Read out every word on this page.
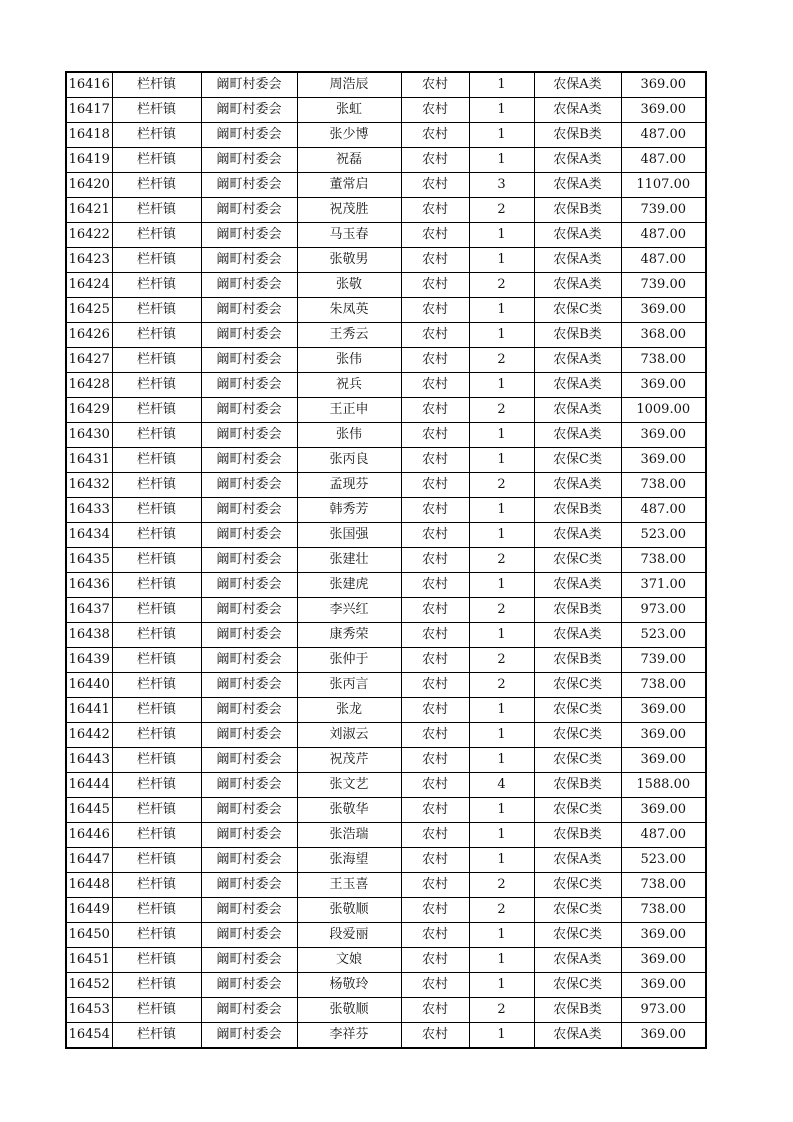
16416	栏杆镇	阚町村委会	周浩辰	农村	1	农保A类	369.00
16417	栏杆镇	阚町村委会	张虹	农村	1	农保A类	369.00
16418	栏杆镇	阚町村委会	张少博	农村	1	农保B类	487.00
16419	栏杆镇	阚町村委会	祝磊	农村	1	农保A类	487.00
16420	栏杆镇	阚町村委会	董常启	农村	3	农保A类	1107.00
16421	栏杆镇	阚町村委会	祝茂胜	农村	2	农保B类	739.00
16422	栏杆镇	阚町村委会	马玉春	农村	1	农保A类	487.00
16423	栏杆镇	阚町村委会	张敬男	农村	1	农保A类	487.00
16424	栏杆镇	阚町村委会	张敬	农村	2	农保A类	739.00
16425	栏杆镇	阚町村委会	朱凤英	农村	1	农保C类	369.00
16426	栏杆镇	阚町村委会	王秀云	农村	1	农保B类	368.00
16427	栏杆镇	阚町村委会	张伟	农村	2	农保A类	738.00
16428	栏杆镇	阚町村委会	祝兵	农村	1	农保A类	369.00
16429	栏杆镇	阚町村委会	王正申	农村	2	农保A类	1009.00
16430	栏杆镇	阚町村委会	张伟	农村	1	农保A类	369.00
16431	栏杆镇	阚町村委会	张丙良	农村	1	农保C类	369.00
16432	栏杆镇	阚町村委会	孟现芬	农村	2	农保A类	738.00
16433	栏杆镇	阚町村委会	韩秀芳	农村	1	农保B类	487.00
16434	栏杆镇	阚町村委会	张国强	农村	1	农保A类	523.00
16435	栏杆镇	阚町村委会	张建壮	农村	2	农保C类	738.00
16436	栏杆镇	阚町村委会	张建虎	农村	1	农保A类	371.00
16437	栏杆镇	阚町村委会	李兴红	农村	2	农保B类	973.00
16438	栏杆镇	阚町村委会	康秀荣	农村	1	农保A类	523.00
16439	栏杆镇	阚町村委会	张仲于	农村	2	农保B类	739.00
16440	栏杆镇	阚町村委会	张丙言	农村	2	农保C类	738.00
16441	栏杆镇	阚町村委会	张龙	农村	1	农保C类	369.00
16442	栏杆镇	阚町村委会	刘淑云	农村	1	农保C类	369.00
16443	栏杆镇	阚町村委会	祝茂芹	农村	1	农保C类	369.00
16444	栏杆镇	阚町村委会	张文艺	农村	4	农保B类	1588.00
16445	栏杆镇	阚町村委会	张敬华	农村	1	农保C类	369.00
16446	栏杆镇	阚町村委会	张浩瑞	农村	1	农保B类	487.00
16447	栏杆镇	阚町村委会	张海望	农村	1	农保A类	523.00
16448	栏杆镇	阚町村委会	王玉喜	农村	2	农保C类	738.00
16449	栏杆镇	阚町村委会	张敬顺	农村	2	农保C类	738.00
16450	栏杆镇	阚町村委会	段爱丽	农村	1	农保C类	369.00
16451	栏杆镇	阚町村委会	文娘	农村	1	农保A类	369.00
16452	栏杆镇	阚町村委会	杨敬玲	农村	1	农保C类	369.00
16453	栏杆镇	阚町村委会	张敬顺	农村	2	农保B类	973.00
16454	栏杆镇	阚町村委会	李祥芬	农村	1	农保A类	369.00
